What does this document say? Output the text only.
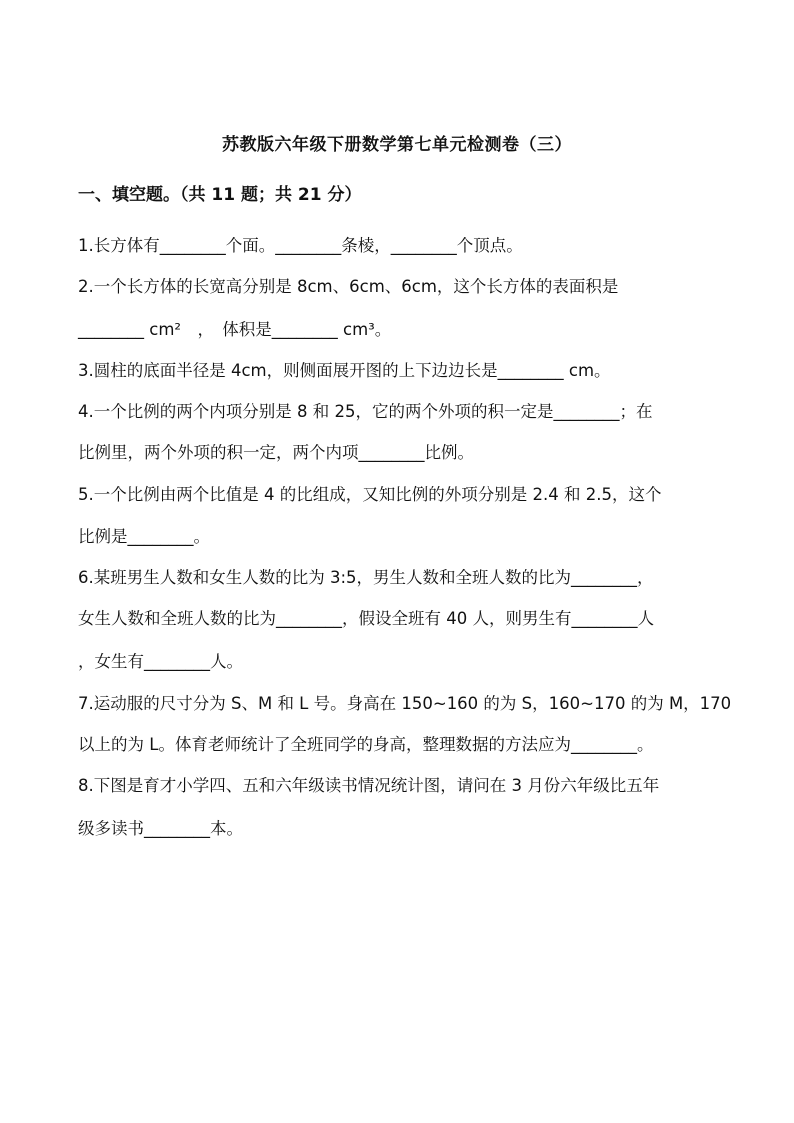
苏教版六年级下册数学第七单元检测卷（三）
一、填空题。（共 11 题；共 21 分）
1.长方体有________个面。________条棱，________个顶点。
2.一个长方体的长宽高分别是 8cm、6cm、6cm，这个长方体的表面积是
________ cm²　，　体积是________ cm³。
3.圆柱的底面半径是 4cm，则侧面展开图的上下边边长是________ cm。
4.一个比例的两个内项分别是 8 和 25，它的两个外项的积一定是________；在
比例里，两个外项的积一定，两个内项________比例。
5.一个比例由两个比值是 4 的比组成，又知比例的外项分别是 2.4 和 2.5，这个
比例是________。
6.某班男生人数和女生人数的比为 3:5，男生人数和全班人数的比为________，
女生人数和全班人数的比为________，假设全班有 40 人，则男生有________人
，女生有________人。
7.运动服的尺寸分为 S、M 和 L 号。身高在 150~160 的为 S，160~170 的为 M，170
以上的为 L。体育老师统计了全班同学的身高，整理数据的方法应为________。
8.下图是育才小学四、五和六年级读书情况统计图，请问在 3 月份六年级比五年
级多读书________本。
